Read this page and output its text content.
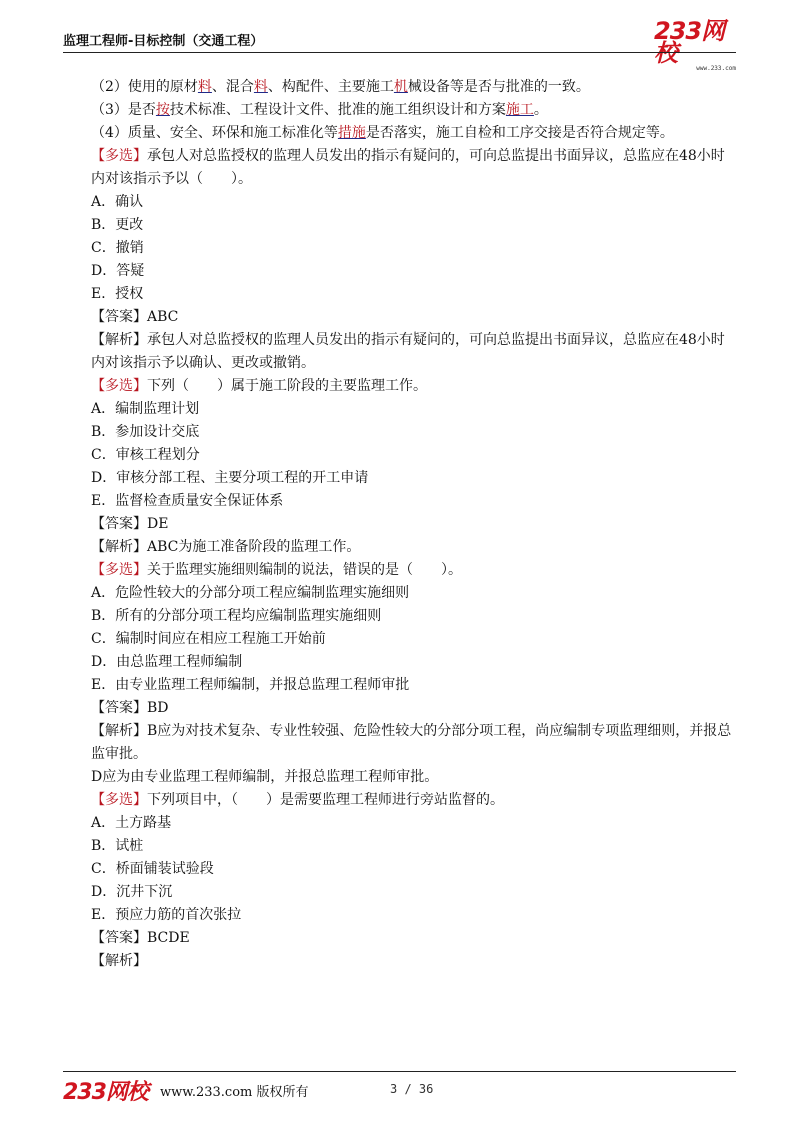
监理工程师-目标控制（交通工程）	233网校
www.233.com
（2）使用的原材料、混合料、构配件、主要施工机械设备等是否与批准的一致。
（3）是否按技术标准、工程设计文件、批准的施工组织设计和方案施工。
（4）质量、安全、环保和施工标准化等措施是否落实，施工自检和工序交接是否符合规定等。
【多选】承包人对总监授权的监理人员发出的指示有疑问的，可向总监提出书面异议，总监应在48小时内对该指示予以（　　）。
A．确认
B．更改
C．撤销
D．答疑
E．授权
【答案】ABC
【解析】承包人对总监授权的监理人员发出的指示有疑问的，可向总监提出书面异议，总监应在48小时内对该指示予以确认、更改或撤销。
【多选】下列（　　）属于施工阶段的主要监理工作。
A．编制监理计划
B．参加设计交底
C．审核工程划分
D．审核分部工程、主要分项工程的开工申请
E．监督检查质量安全保证体系
【答案】DE
【解析】ABC为施工准备阶段的监理工作。
【多选】关于监理实施细则编制的说法，错误的是（　　）。
A．危险性较大的分部分项工程应编制监理实施细则
B．所有的分部分项工程均应编制监理实施细则
C．编制时间应在相应工程施工开始前
D．由总监理工程师编制
E．由专业监理工程师编制，并报总监理工程师审批
【答案】BD
【解析】B应为对技术复杂、专业性较强、危险性较大的分部分项工程，尚应编制专项监理细则，并报总监审批。
D应为由专业监理工程师编制，并报总监理工程师审批。
【多选】下列项目中，（　　）是需要监理工程师进行旁站监督的。
A．土方路基
B．试桩
C．桥面铺装试验段
D．沉井下沉
E．预应力筋的首次张拉
【答案】BCDE
【解析】
233网校 www.233.com 版权所有	3 / 36
